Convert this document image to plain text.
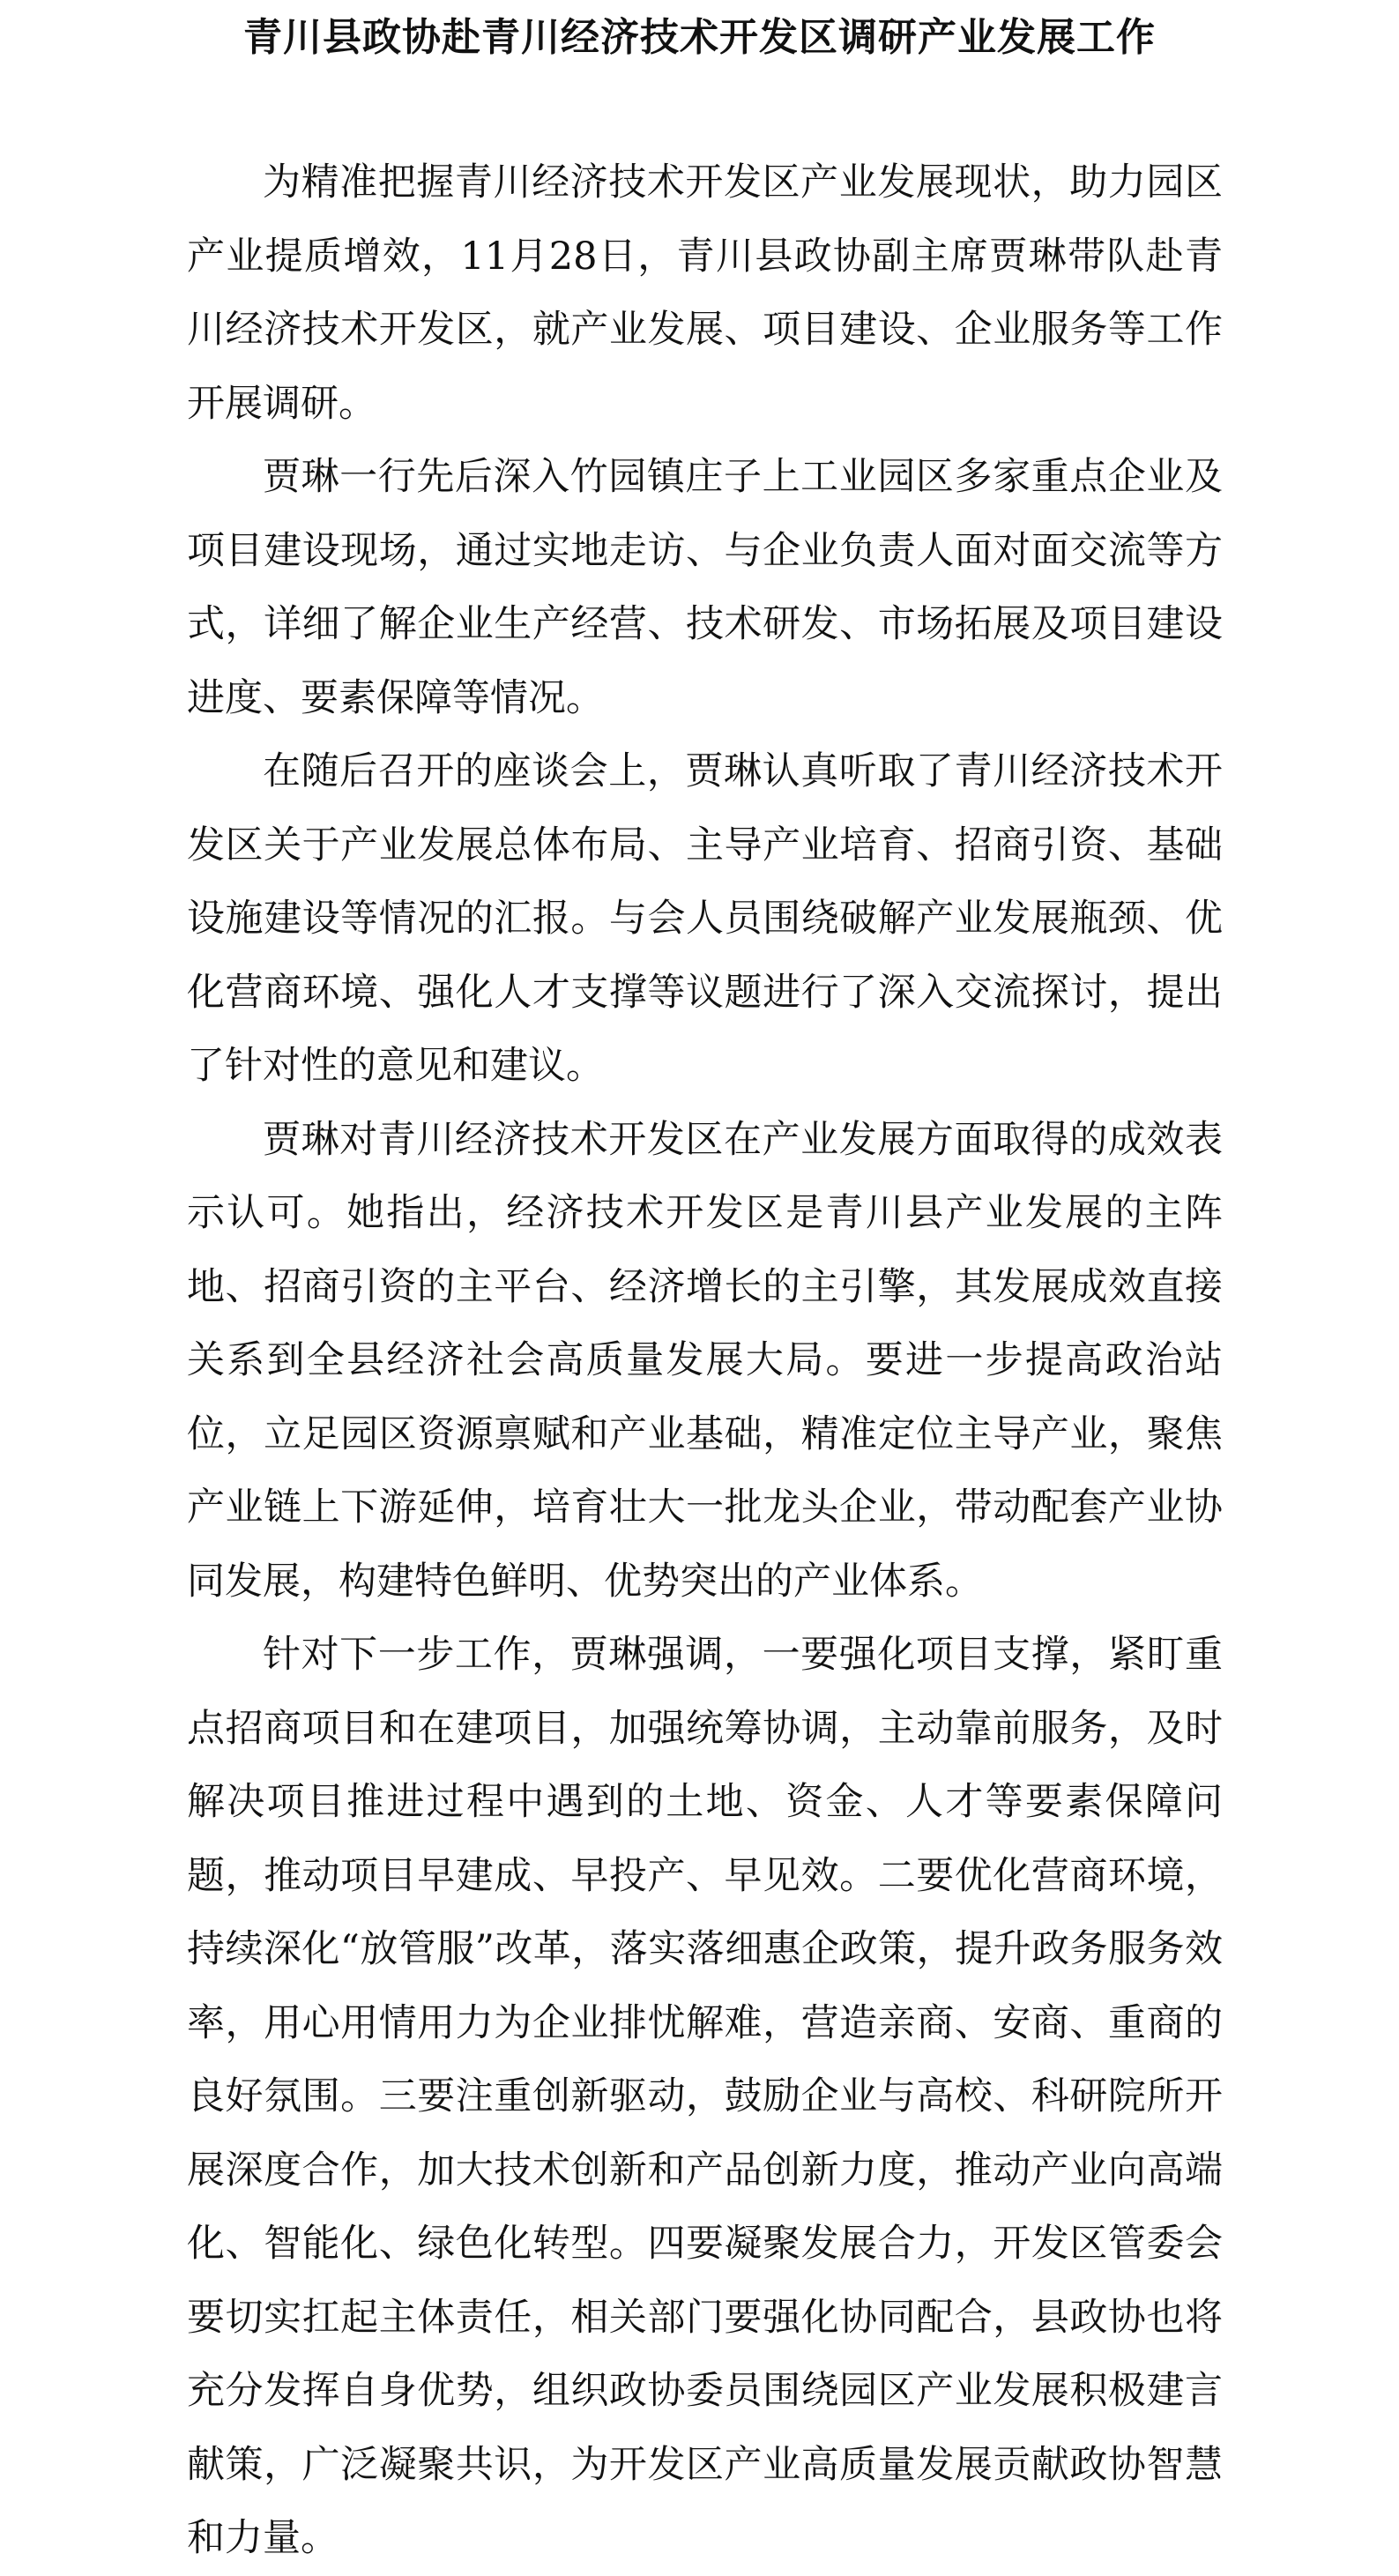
青川县政协赴青川经济技术开发区调研产业发展工作

为精准把握青川经济技术开发区产业发展现状，助力园区产业提质增效，11月28日，青川县政协副主席贾琳带队赴青川经济技术开发区，就产业发展、项目建设、企业服务等工作开展调研。

贾琳一行先后深入竹园镇庄子上工业园区多家重点企业及项目建设现场，通过实地走访、与企业负责人面对面交流等方式，详细了解企业生产经营、技术研发、市场拓展及项目建设进度、要素保障等情况。

在随后召开的座谈会上，贾琳认真听取了青川经济技术开发区关于产业发展总体布局、主导产业培育、招商引资、基础设施建设等情况的汇报。与会人员围绕破解产业发展瓶颈、优化营商环境、强化人才支撑等议题进行了深入交流探讨，提出了针对性的意见和建议。

贾琳对青川经济技术开发区在产业发展方面取得的成效表示认可。她指出，经济技术开发区是青川县产业发展的主阵地、招商引资的主平台、经济增长的主引擎，其发展成效直接关系到全县经济社会高质量发展大局。要进一步提高政治站位，立足园区资源禀赋和产业基础，精准定位主导产业，聚焦产业链上下游延伸，培育壮大一批龙头企业，带动配套产业协同发展，构建特色鲜明、优势突出的产业体系。

针对下一步工作，贾琳强调，一要强化项目支撑，紧盯重点招商项目和在建项目，加强统筹协调，主动靠前服务，及时解决项目推进过程中遇到的土地、资金、人才等要素保障问题，推动项目早建成、早投产、早见效。二要优化营商环境，持续深化“放管服”改革，落实落细惠企政策，提升政务服务效率，用心用情用力为企业排忧解难，营造亲商、安商、重商的良好氛围。三要注重创新驱动，鼓励企业与高校、科研院所开展深度合作，加大技术创新和产品创新力度，推动产业向高端化、智能化、绿色化转型。四要凝聚发展合力，开发区管委会要切实扛起主体责任，相关部门要强化协同配合，县政协也将充分发挥自身优势，组织政协委员围绕园区产业发展积极建言献策，广泛凝聚共识，为开发区产业高质量发展贡献政协智慧和力量。
